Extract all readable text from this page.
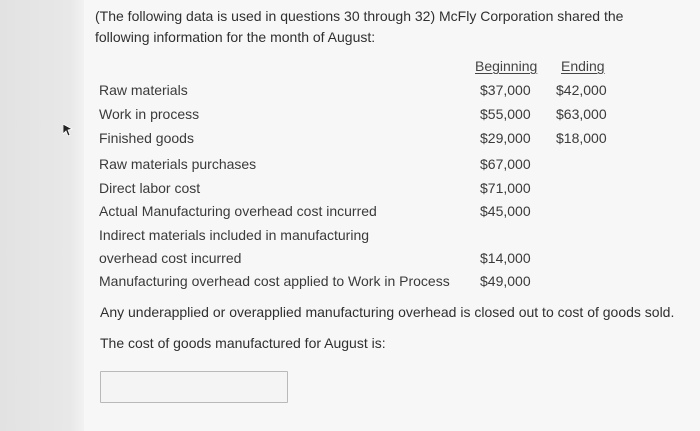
(The following data is used in questions 30 through 32) McFly Corporation shared the following information for the month of August:
Beginning Ending
Raw materials	$37,000 $42,000
Work in process	$55,000 $63,000
Finished goods	$29,000 $18,000
Raw materials purchases	$67,000
Direct labor cost	$71,000
Actual Manufacturing overhead cost incurred	$45,000
Indirect materials included in manufacturing
overhead cost incurred	$14,000
Manufacturing overhead cost applied to Work in Process $49,000
Any underapplied or overapplied manufacturing overhead is closed out to cost of goods sold.
The cost of goods manufactured for August is:
